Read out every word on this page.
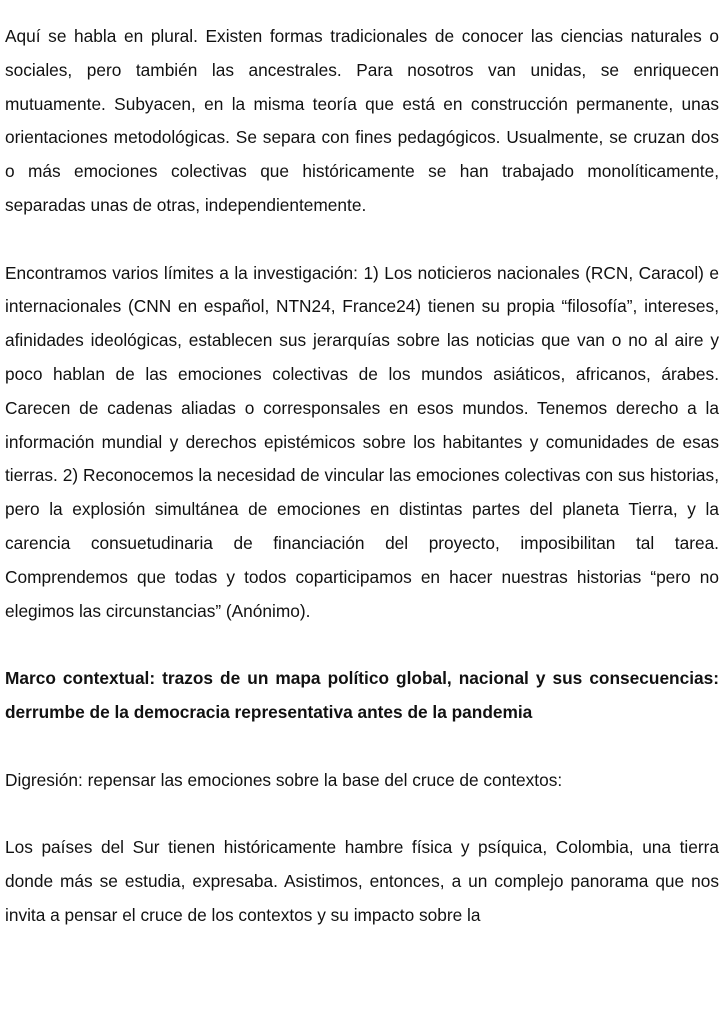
Aquí se habla en plural. Existen formas tradicionales de conocer las ciencias naturales o sociales, pero también las ancestrales. Para nosotros van unidas, se enriquecen mutuamente. Subyacen, en la misma teoría que está en construcción permanente, unas orientaciones metodológicas. Se separa con fines pedagógicos. Usualmente, se cruzan dos o más emociones colectivas que históricamente se han trabajado monolíticamente, separadas unas de otras, independientemente.

Encontramos varios límites a la investigación: 1) Los noticieros nacionales (RCN, Caracol) e internacionales (CNN en español, NTN24, France24) tienen su propia “filosofía”, intereses, afinidades ideológicas, establecen sus jerarquías sobre las noticias que van o no al aire y poco hablan de las emociones colectivas de los mundos asiáticos, africanos, árabes. Carecen de cadenas aliadas o corresponsales en esos mundos. Tenemos derecho a la información mundial y derechos epistémicos sobre los habitantes y comunidades de esas tierras. 2) Reconocemos la necesidad de vincular las emociones colectivas con sus historias, pero la explosión simultánea de emociones en distintas partes del planeta Tierra, y la carencia consuetudinaria de financiación del proyecto, imposibilitan tal tarea. Comprendemos que todas y todos coparticipamos en hacer nuestras historias “pero no elegimos las circunstancias” (Anónimo).

Marco contextual: trazos de un mapa político global, nacional y sus consecuencias: derrumbe de la democracia representativa antes de la pandemia

Digresión: repensar las emociones sobre la base del cruce de contextos:

Los países del Sur tienen históricamente hambre física y psíquica, Colombia, una tierra donde más se estudia, expresaba. Asistimos, entonces, a un complejo panorama que nos invita a pensar el cruce de los contextos y su impacto sobre la
